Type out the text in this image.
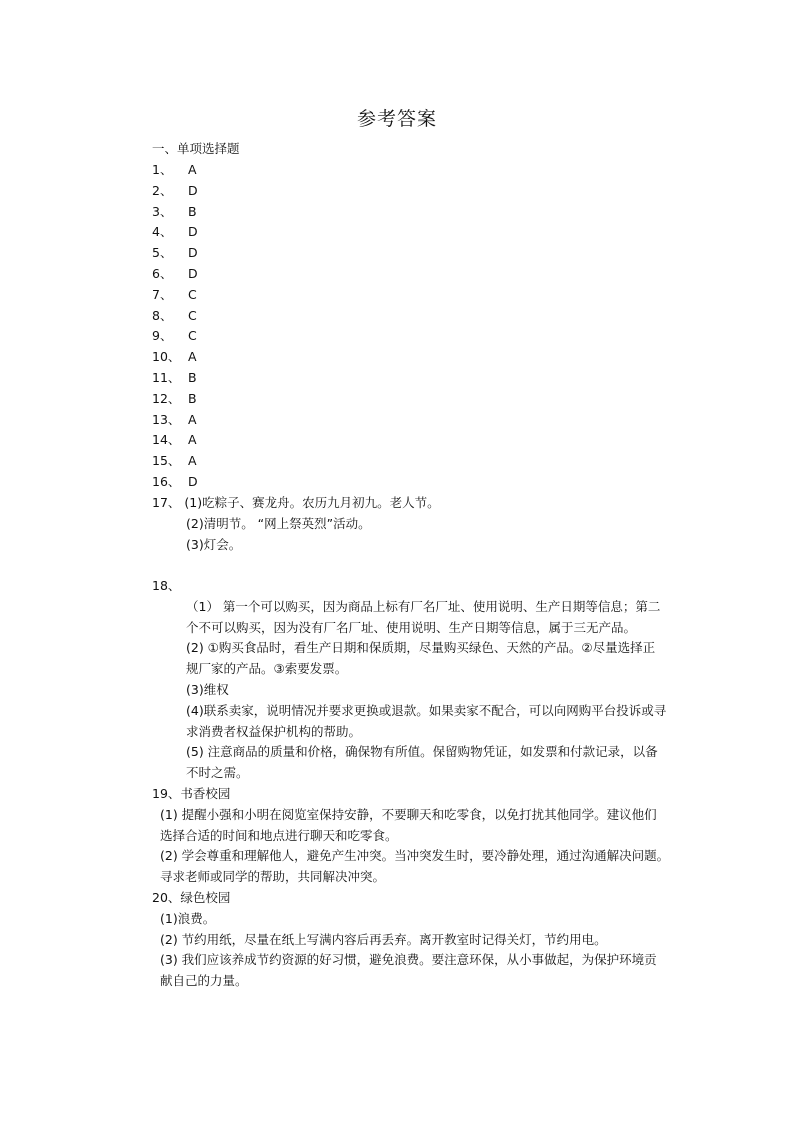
参考答案
一、单项选择题
1、 A
2、 D
3、 B
4、 D
5、 D
6、 D
7、 C
8、 C
9、 C
10、 A
11、 B
12、 B
13、 A
14、 A
15、 A
16、 D
17、 (1)吃粽子、赛龙舟。农历九月初九。老人节。
(2)清明节。 “网上祭英烈”活动。
(3)灯会。
18、
（1） 第一个可以购买，因为商品上标有厂名厂址、使用说明、生产日期等信息；第二
个不可以购买，因为没有厂名厂址、使用说明、生产日期等信息，属于三无产品。
(2) ①购买食品时，看生产日期和保质期，尽量购买绿色、天然的产品。②尽量选择正
规厂家的产品。③索要发票。
(3)维权
(4)联系卖家，说明情况并要求更换或退款。如果卖家不配合，可以向网购平台投诉或寻
求消费者权益保护机构的帮助。
(5) 注意商品的质量和价格，确保物有所值。保留购物凭证，如发票和付款记录，以备
不时之需。
19、书香校园
(1) 提醒小强和小明在阅览室保持安静，不要聊天和吃零食，以免打扰其他同学。建议他们
选择合适的时间和地点进行聊天和吃零食。
(2) 学会尊重和理解他人，避免产生冲突。当冲突发生时，要冷静处理，通过沟通解决问题。
寻求老师或同学的帮助，共同解决冲突。
20、绿色校园
(1)浪费。
(2) 节约用纸，尽量在纸上写满内容后再丢弃。离开教室时记得关灯，节约用电。
(3) 我们应该养成节约资源的好习惯，避免浪费。要注意环保，从小事做起，为保护环境贡
献自己的力量。
